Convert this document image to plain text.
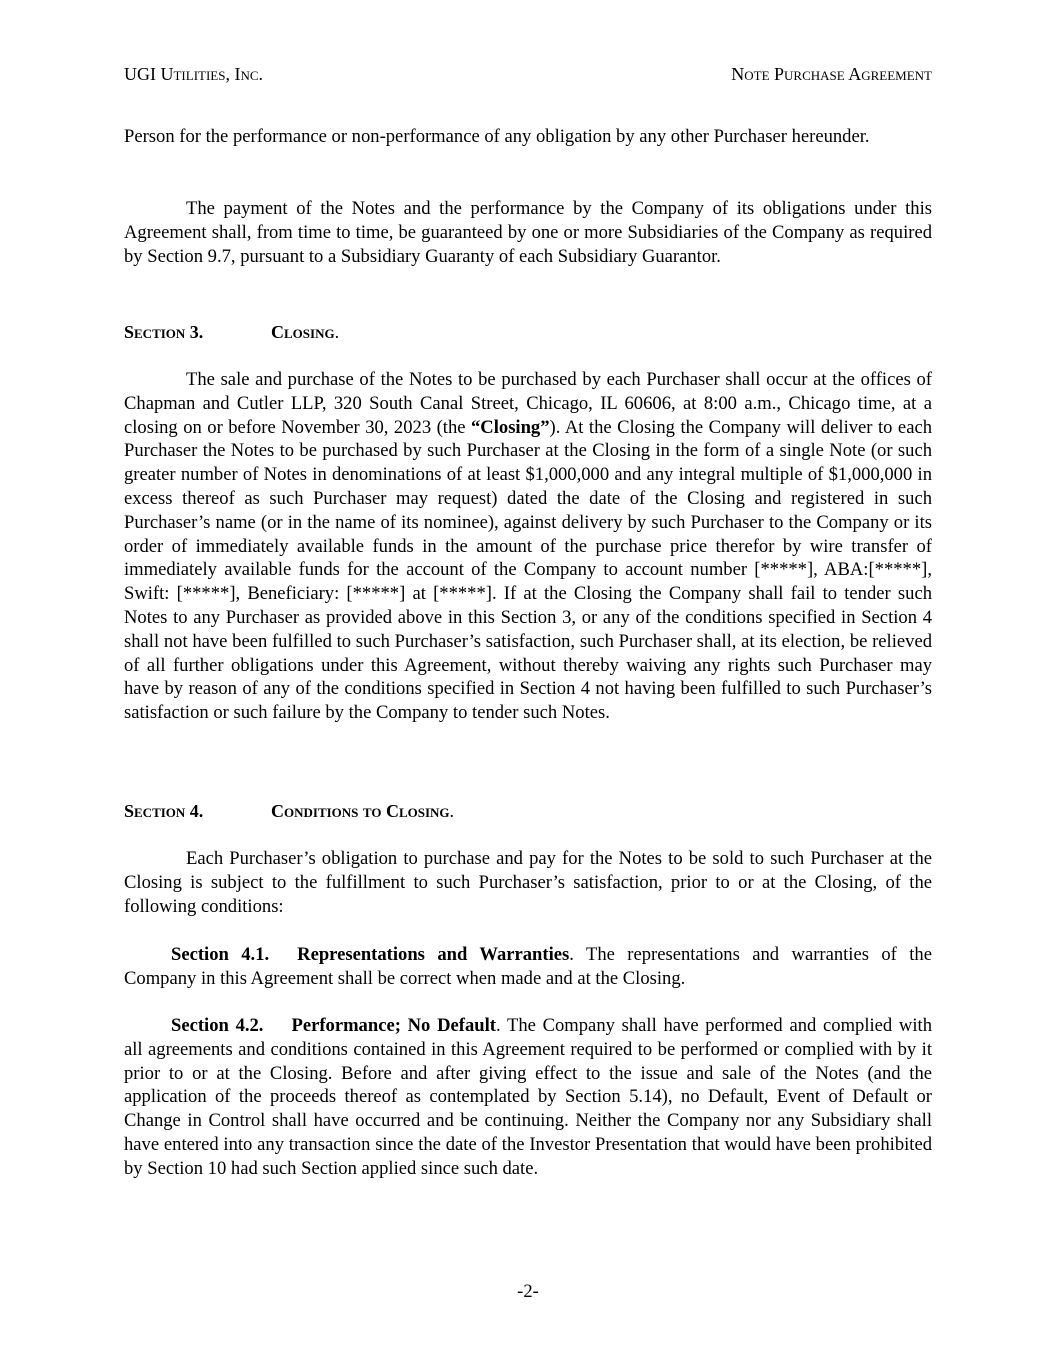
UGI Utilities, Inc.	Note Purchase Agreement

Person for the performance or non-performance of any obligation by any other Purchaser hereunder.

The payment of the Notes and the performance by the Company of its obligations under this Agreement shall, from time to time, be guaranteed by one or more Subsidiaries of the Company as required by Section 9.7, pursuant to a Subsidiary Guaranty of each Subsidiary Guarantor.

Section 3.	Closing.

The sale and purchase of the Notes to be purchased by each Purchaser shall occur at the offices of Chapman and Cutler LLP, 320 South Canal Street, Chicago, IL 60606, at 8:00 a.m., Chicago time, at a closing on or before November 30, 2023 (the “Closing”). At the Closing the Company will deliver to each Purchaser the Notes to be purchased by such Purchaser at the Closing in the form of a single Note (or such greater number of Notes in denominations of at least $1,000,000 and any integral multiple of $1,000,000 in excess thereof as such Purchaser may request) dated the date of the Closing and registered in such Purchaser’s name (or in the name of its nominee), against delivery by such Purchaser to the Company or its order of immediately available funds in the amount of the purchase price therefor by wire transfer of immediately available funds for the account of the Company to account number [*****], ABA:[*****], Swift: [*****], Beneficiary: [*****] at [*****]. If at the Closing the Company shall fail to tender such Notes to any Purchaser as provided above in this Section 3, or any of the conditions specified in Section 4 shall not have been fulfilled to such Purchaser’s satisfaction, such Purchaser shall, at its election, be relieved of all further obligations under this Agreement, without thereby waiving any rights such Purchaser may have by reason of any of the conditions specified in Section 4 not having been fulfilled to such Purchaser’s satisfaction or such failure by the Company to tender such Notes.

Section 4.	Conditions to Closing.

Each Purchaser’s obligation to purchase and pay for the Notes to be sold to such Purchaser at the Closing is subject to the fulfillment to such Purchaser’s satisfaction, prior to or at the Closing, of the following conditions:

Section 4.1. Representations and Warranties. The representations and warranties of the Company in this Agreement shall be correct when made and at the Closing.

Section 4.2. Performance; No Default. The Company shall have performed and complied with all agreements and conditions contained in this Agreement required to be performed or complied with by it prior to or at the Closing. Before and after giving effect to the issue and sale of the Notes (and the application of the proceeds thereof as contemplated by Section 5.14), no Default, Event of Default or Change in Control shall have occurred and be continuing. Neither the Company nor any Subsidiary shall have entered into any transaction since the date of the Investor Presentation that would have been prohibited by Section 10 had such Section applied since such date.

-2-
